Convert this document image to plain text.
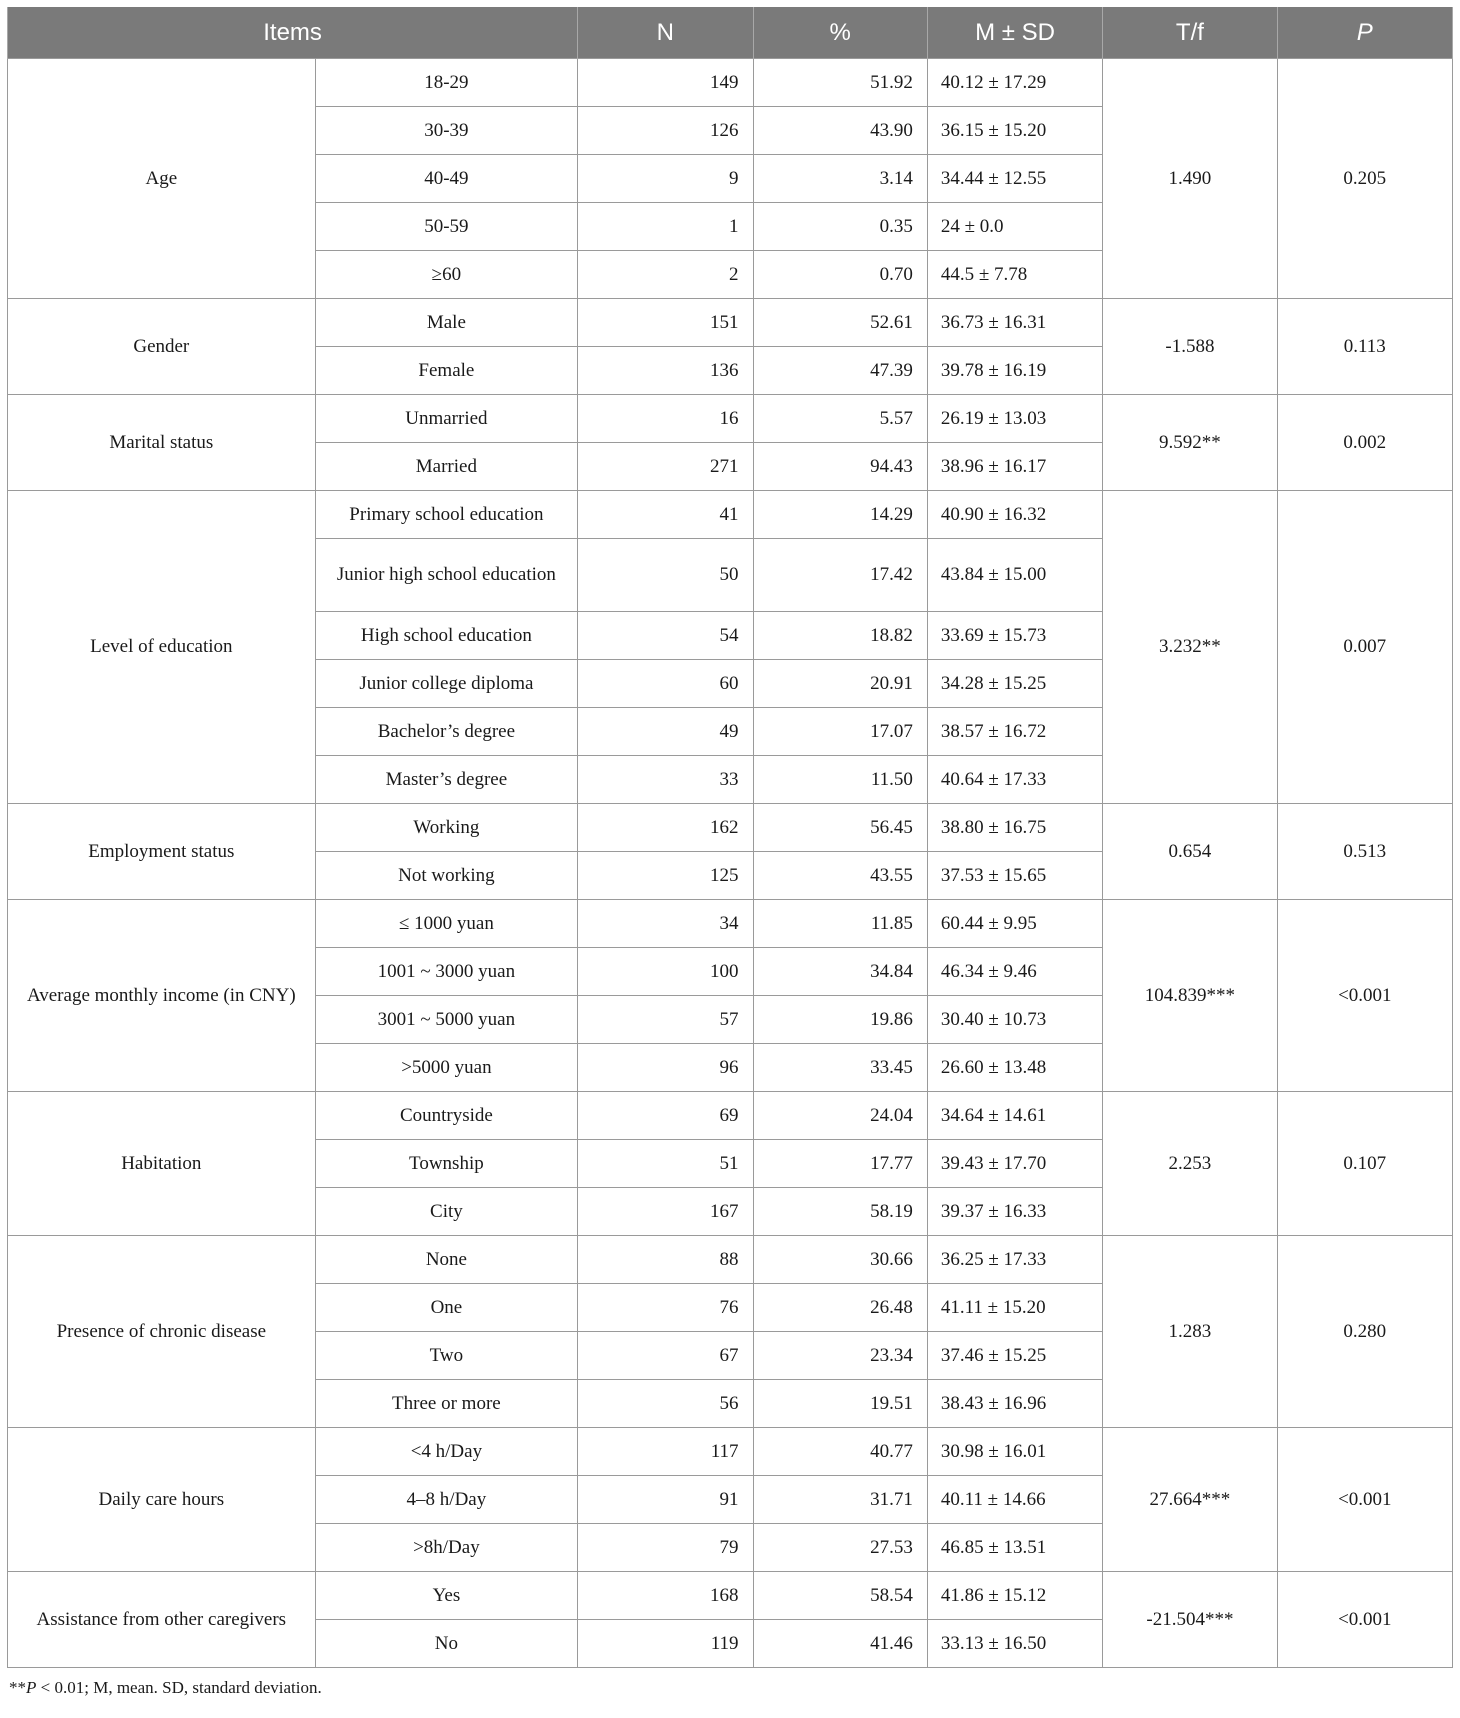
Items		N	%	M ± SD	T/f	P
Age	18-29	149	51.92	40.12 ± 17.29	1.490	0.205
	30-39	126	43.90	36.15 ± 15.20		
	40-49	9	3.14	34.44 ± 12.55		
	50-59	1	0.35	24 ± 0.0		
	≥60	2	0.70	44.5 ± 7.78		
Gender	Male	151	52.61	36.73 ± 16.31	-1.588	0.113
	Female	136	47.39	39.78 ± 16.19		
Marital status	Unmarried	16	5.57	26.19 ± 13.03	9.592**	0.002
	Married	271	94.43	38.96 ± 16.17		
Level of education	Primary school education	41	14.29	40.90 ± 16.32	3.232**	0.007
	Junior high school education	50	17.42	43.84 ± 15.00		
	High school education	54	18.82	33.69 ± 15.73		
	Junior college diploma	60	20.91	34.28 ± 15.25		
	Bachelor’s degree	49	17.07	38.57 ± 16.72		
	Master’s degree	33	11.50	40.64 ± 17.33		
Employment status	Working	162	56.45	38.80 ± 16.75	0.654	0.513
	Not working	125	43.55	37.53 ± 15.65		
Average monthly income (in CNY)	≤ 1000 yuan	34	11.85	60.44 ± 9.95	104.839***	<0.001
	1001 ~ 3000 yuan	100	34.84	46.34 ± 9.46		
	3001 ~ 5000 yuan	57	19.86	30.40 ± 10.73		
	>5000 yuan	96	33.45	26.60 ± 13.48		
Habitation	Countryside	69	24.04	34.64 ± 14.61	2.253	0.107
	Township	51	17.77	39.43 ± 17.70		
	City	167	58.19	39.37 ± 16.33		
Presence of chronic disease	None	88	30.66	36.25 ± 17.33	1.283	0.280
	One	76	26.48	41.11 ± 15.20		
	Two	67	23.34	37.46 ± 15.25		
	Three or more	56	19.51	38.43 ± 16.96		
Daily care hours	<4 h/Day	117	40.77	30.98 ± 16.01	27.664***	<0.001
	4–8 h/Day	91	31.71	40.11 ± 14.66		
	>8h/Day	79	27.53	46.85 ± 13.51		
Assistance from other caregivers	Yes	168	58.54	41.86 ± 15.12	-21.504***	<0.001
	No	119	41.46	33.13 ± 16.50		
**P < 0.01; M, mean. SD, standard deviation.
